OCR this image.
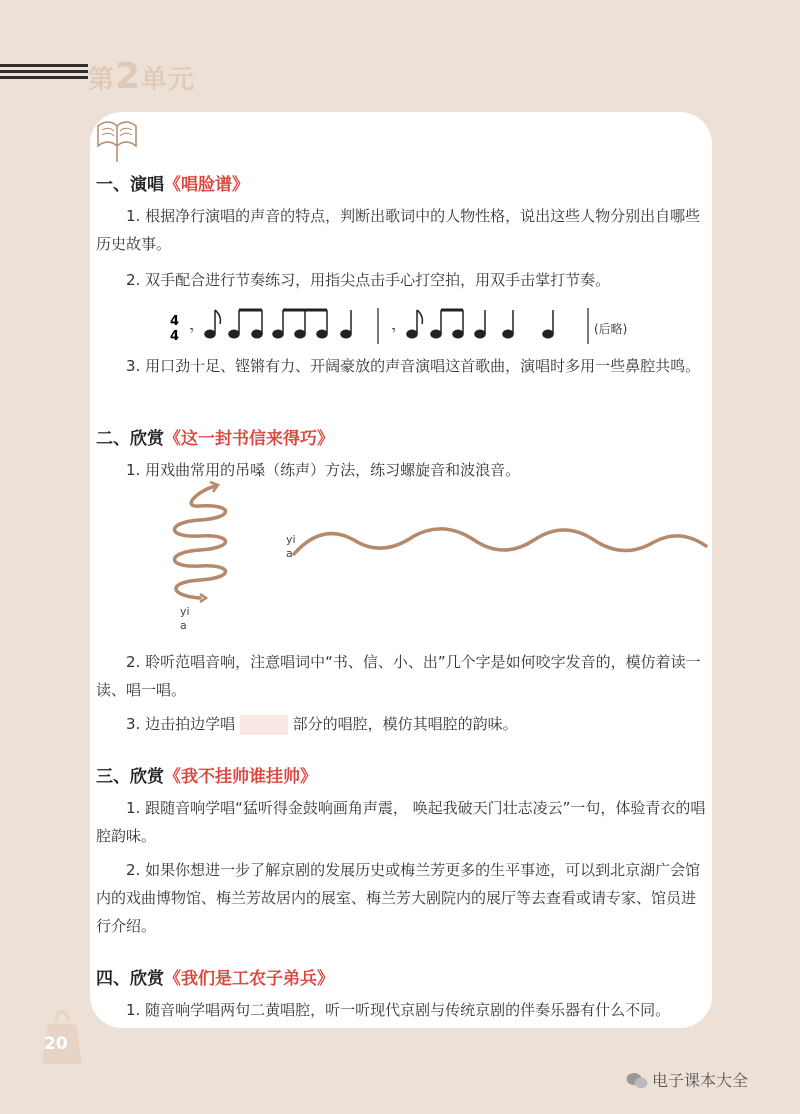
第2单元
一、演唱《唱脸谱》
1. 根据净行演唱的声音的特点，判断出歌词中的人物性格，说出这些人物分别出自哪些历史故事。
2. 双手配合进行节奏练习，用指尖点击手心打空拍，用双手击掌打节奏。
4
4 𝄾	𝄾	(后略)
3. 用口劲十足、铿锵有力、开阔豪放的声音演唱这首歌曲，演唱时多用一些鼻腔共鸣。
二、欣赏《这一封书信来得巧》
1. 用戏曲常用的吊嗓（练声）方法，练习螺旋音和波浪音。
yi
a
yi
a
2. 聆听范唱音响，注意唱词中“书、信、小、出”几个字是如何咬字发音的，模仿着读一读、唱一唱。
3. 边击拍边学唱	部分的唱腔，模仿其唱腔的韵味。
三、欣赏《我不挂帅谁挂帅》
1. 跟随音响学唱“猛听得金鼓响画角声震， 唤起我破天门壮志凌云”一句，体验青衣的唱腔韵味。
2. 如果你想进一步了解京剧的发展历史或梅兰芳更多的生平事迹，可以到北京湖广会馆内的戏曲博物馆、梅兰芳故居内的展室、梅兰芳大剧院内的展厅等去查看或请专家、馆员进行介绍。
四、欣赏《我们是工农子弟兵》
1. 随音响学唱两句二黄唱腔，听一听现代京剧与传统京剧的伴奏乐器有什么不同。
20
电子课本大全
